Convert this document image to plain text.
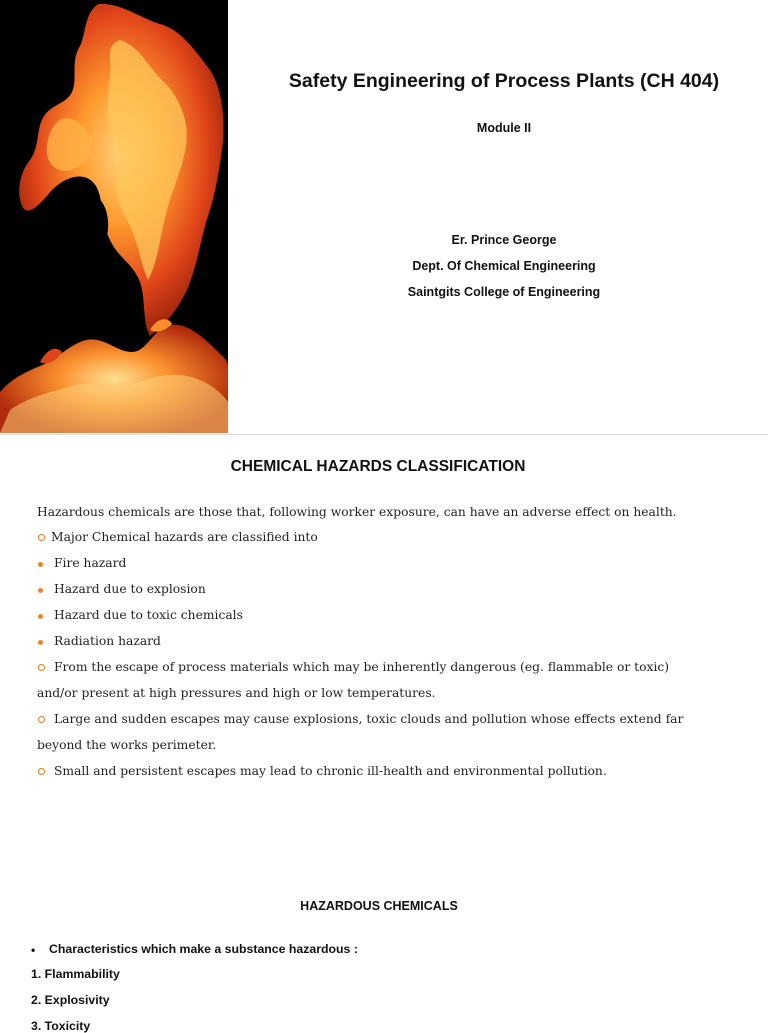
Safety Engineering of Process Plants (CH 404)
Module II
Er. Prince George
Dept. Of Chemical Engineering
Saintgits College of Engineering
CHEMICAL HAZARDS CLASSIFICATION
Hazardous chemicals are those that, following worker exposure, can have an adverse effect on health.
Major Chemical hazards are classified into
Fire hazard
Hazard due to explosion
Hazard due to toxic chemicals
Radiation hazard
From the escape of process materials which may be inherently dangerous (eg. flammable or toxic)
and/or present at high pressures and high or low temperatures.
Large and sudden escapes may cause explosions, toxic clouds and pollution whose effects extend far
beyond the works perimeter.
Small and persistent escapes may lead to chronic ill-health and environmental pollution.
HAZARDOUS CHEMICALS
• Characteristics which make a substance hazardous :
1. Flammability
2. Explosivity
3. Toxicity
